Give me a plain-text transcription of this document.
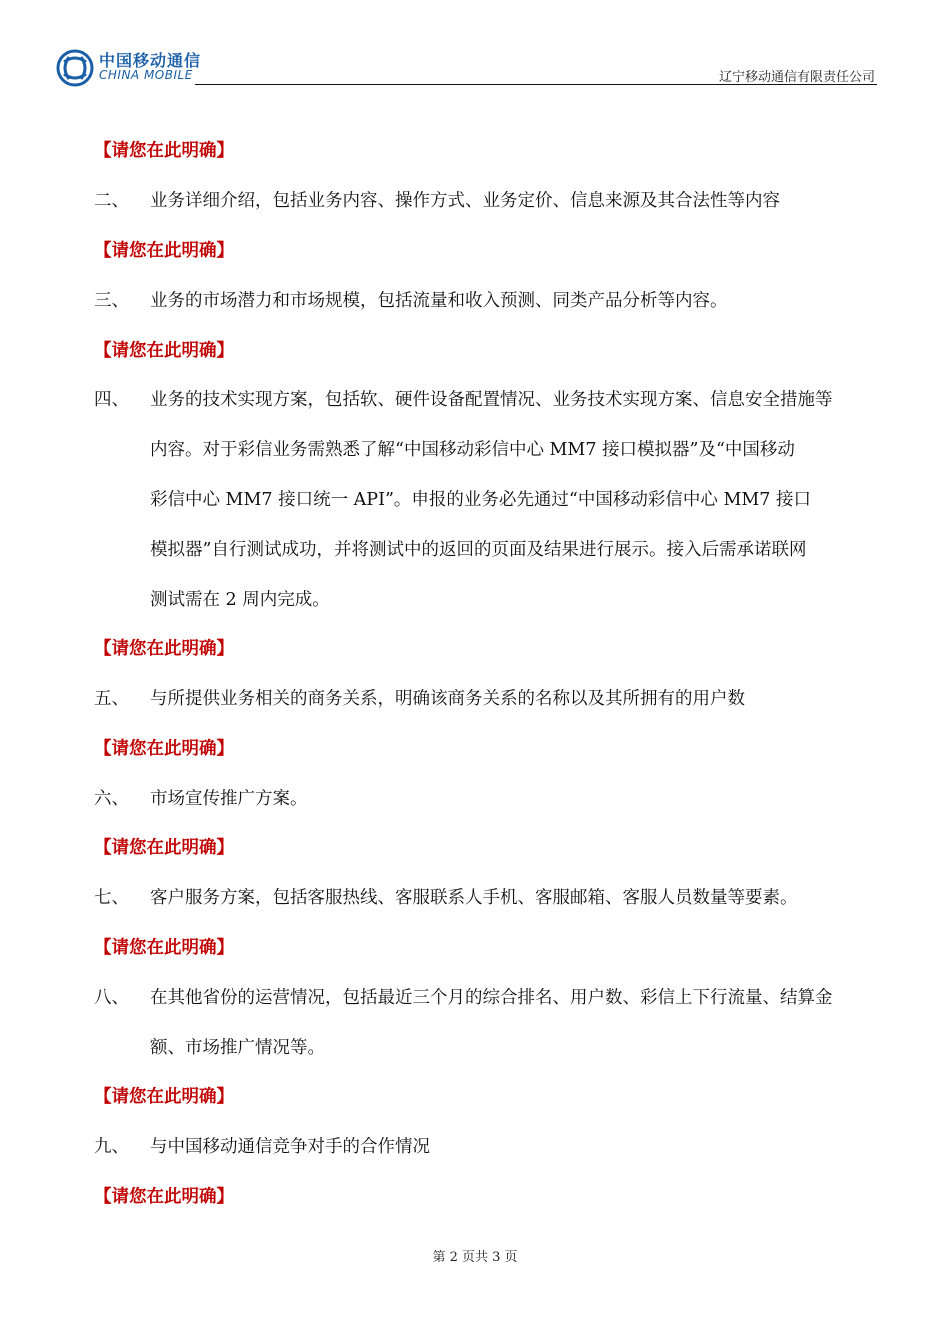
中国移动通信
CHINA MOBILE	辽宁移动通信有限责任公司
【请您在此明确】
二、 业务详细介绍，包括业务内容、操作方式、业务定价、信息来源及其合法性等内容
【请您在此明确】
三、 业务的市场潜力和市场规模，包括流量和收入预测、同类产品分析等内容。
【请您在此明确】
四、 业务的技术实现方案，包括软、硬件设备配置情况、业务技术实现方案、信息安全措施等
内容。对于彩信业务需熟悉了解“中国移动彩信中心 MM7 接口模拟器”及“中国移动
彩信中心 MM7 接口统一 API”。申报的业务必先通过“中国移动彩信中心 MM7 接口
模拟器”自行测试成功，并将测试中的返回的页面及结果进行展示。接入后需承诺联网
测试需在 2 周内完成。
【请您在此明确】
五、 与所提供业务相关的商务关系，明确该商务关系的名称以及其所拥有的用户数
【请您在此明确】
六、 市场宣传推广方案。
【请您在此明确】
七、 客户服务方案，包括客服热线、客服联系人手机、客服邮箱、客服人员数量等要素。
【请您在此明确】
八、 在其他省份的运营情况，包括最近三个月的综合排名、用户数、彩信上下行流量、结算金
额、市场推广情况等。
【请您在此明确】
九、 与中国移动通信竞争对手的合作情况
【请您在此明确】
第 2 页共 3 页
